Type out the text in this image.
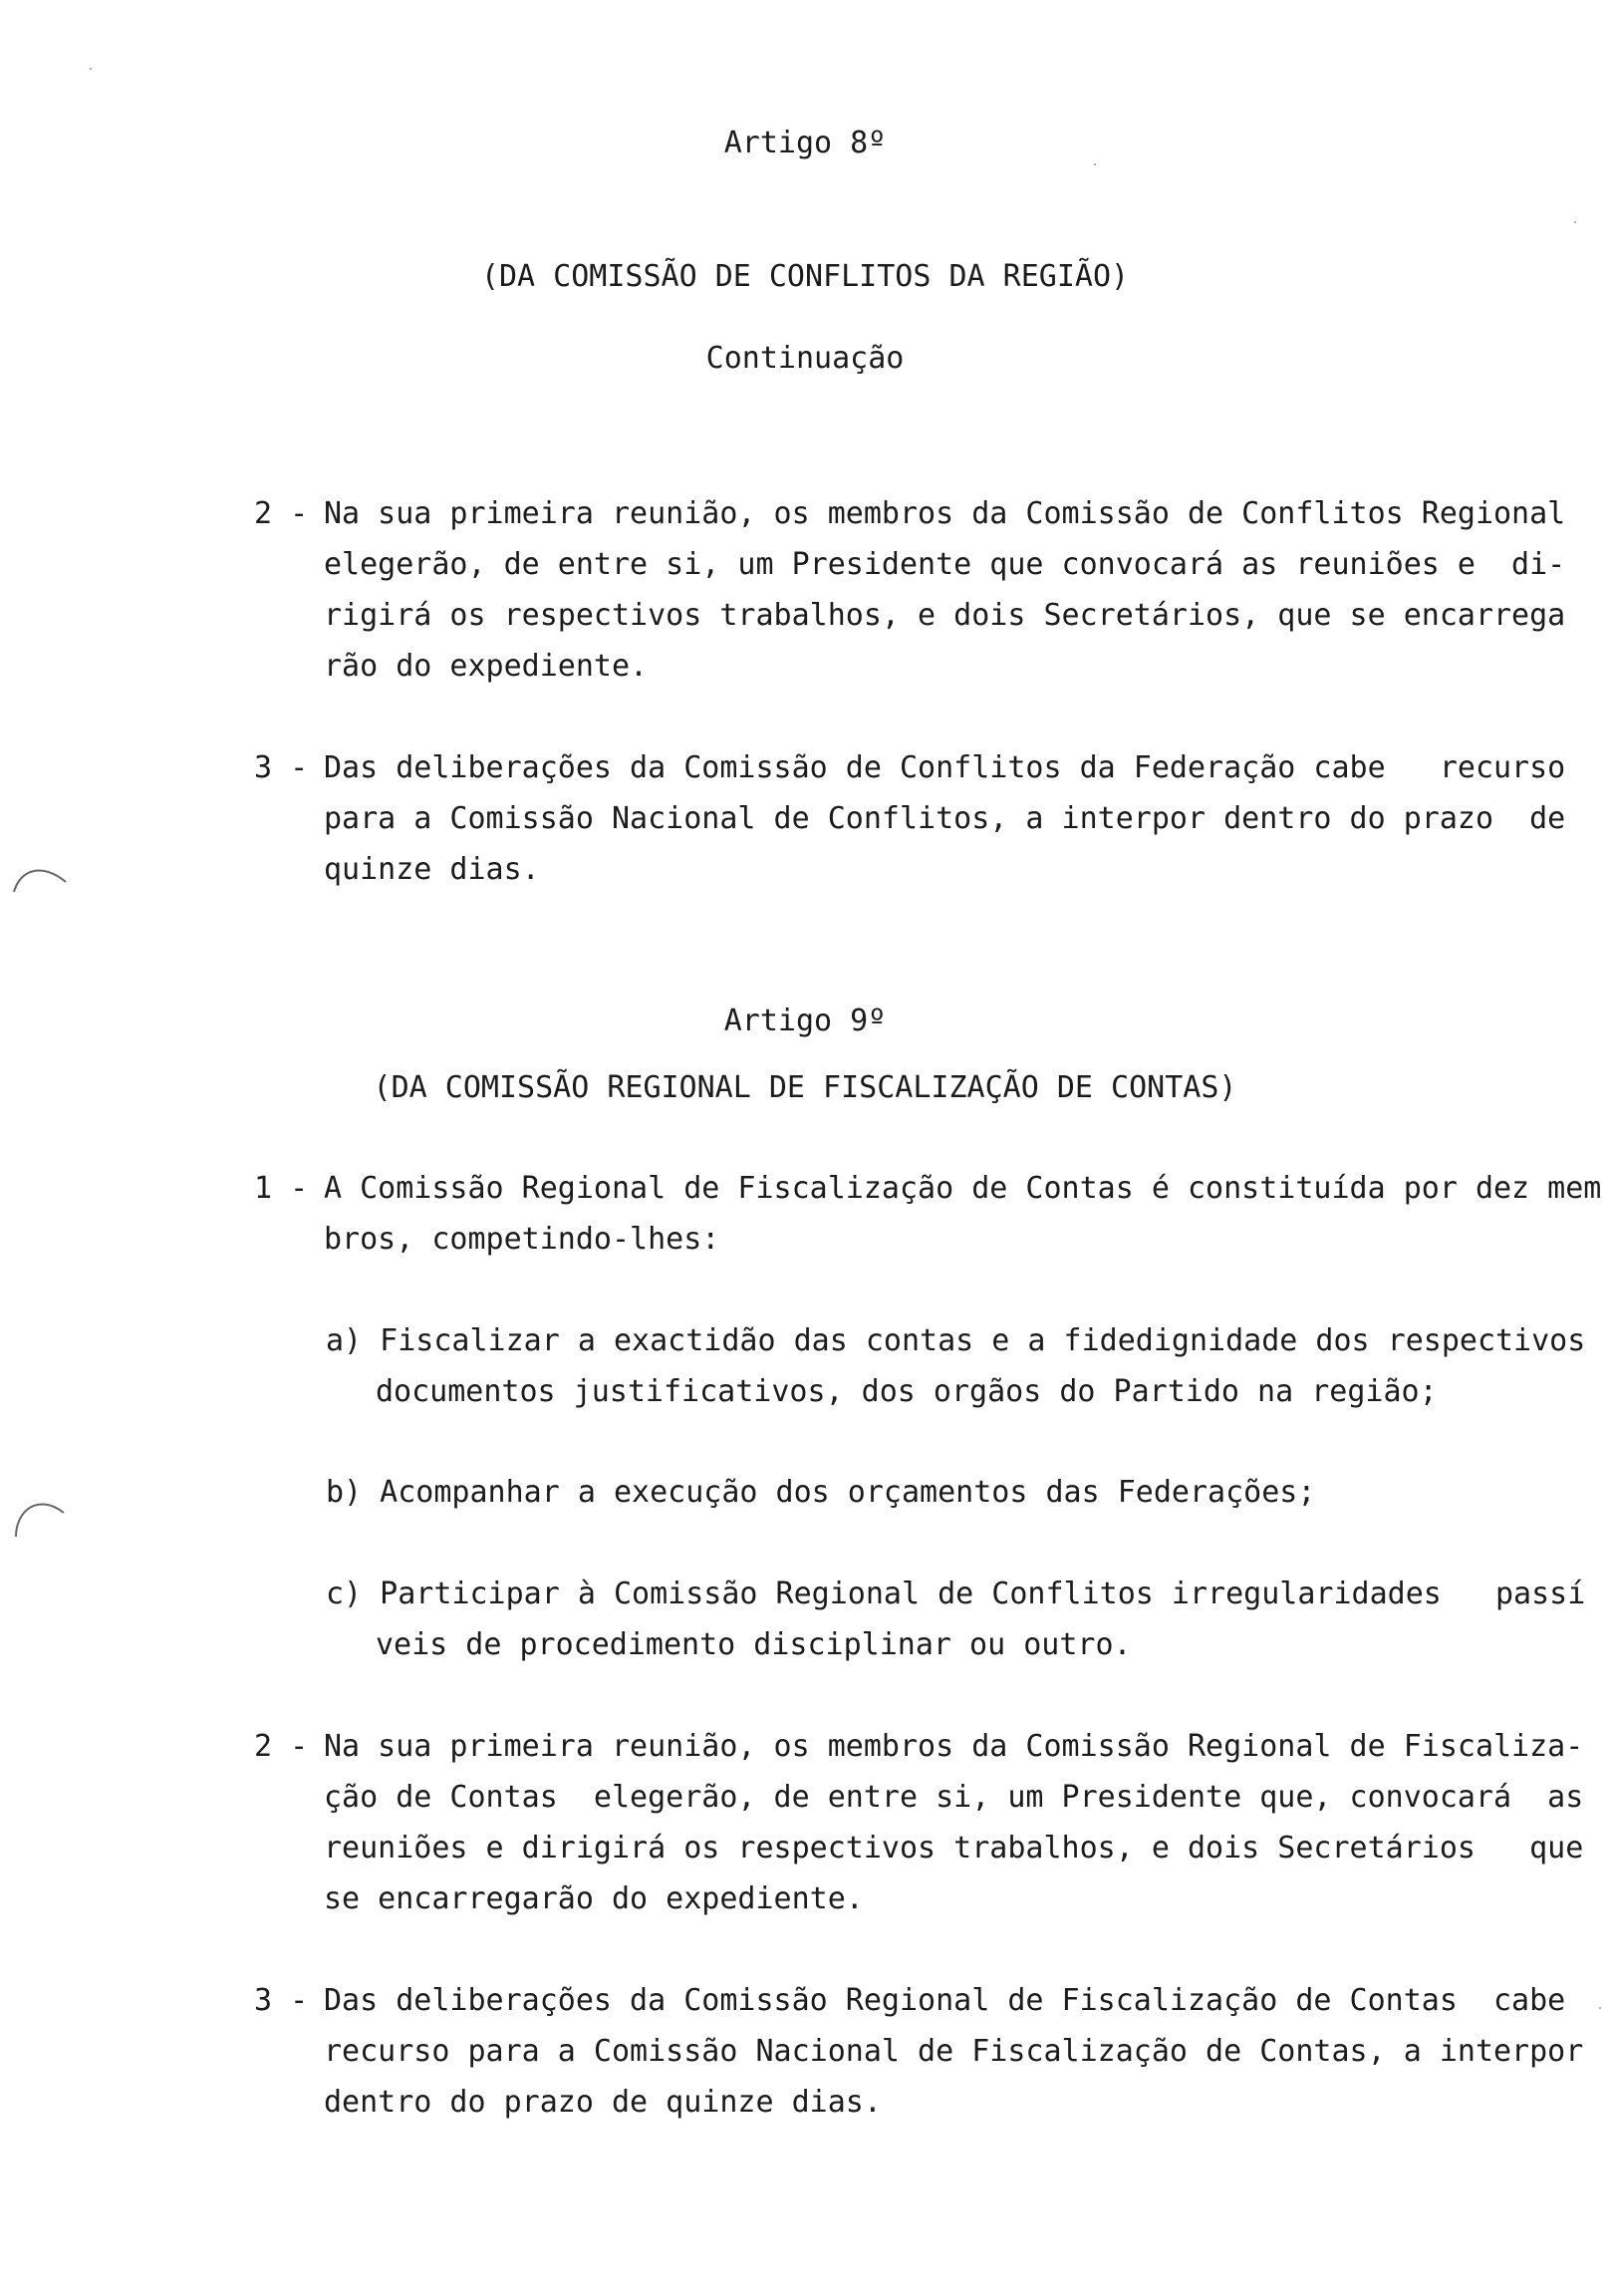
Artigo 8º
(DA COMISSÃO DE CONFLITOS DA REGIÃO)
Continuação
2 - Na sua primeira reunião, os membros da Comissão de Conflitos Regional
elegerão, de entre si, um Presidente que convocará as reuniões e  di-
rigirá os respectivos trabalhos, e dois Secretários, que se encarrega
rão do expediente.
3 - Das deliberações da Comissão de Conflitos da Federação cabe   recurso
para a Comissão Nacional de Conflitos, a interpor dentro do prazo  de
quinze dias.
Artigo 9º
(DA COMISSÃO REGIONAL DE FISCALIZAÇÃO DE CONTAS)
1 - A Comissão Regional de Fiscalização de Contas é constituída por dez mem
bros, competindo-lhes:
a) Fiscalizar a exactidão das contas e a fidedignidade dos respectivos
documentos justificativos, dos orgãos do Partido na região;
b) Acompanhar a execução dos orçamentos das Federações;
c) Participar à Comissão Regional de Conflitos irregularidades   passí
veis de procedimento disciplinar ou outro.
2 - Na sua primeira reunião, os membros da Comissão Regional de Fiscaliza-
ção de Contas  elegerão, de entre si, um Presidente que, convocará  as
reuniões e dirigirá os respectivos trabalhos, e dois Secretários   que
se encarregarão do expediente.
3 - Das deliberações da Comissão Regional de Fiscalização de Contas  cabe
recurso para a Comissão Nacional de Fiscalização de Contas, a interpor
dentro do prazo de quinze dias.
